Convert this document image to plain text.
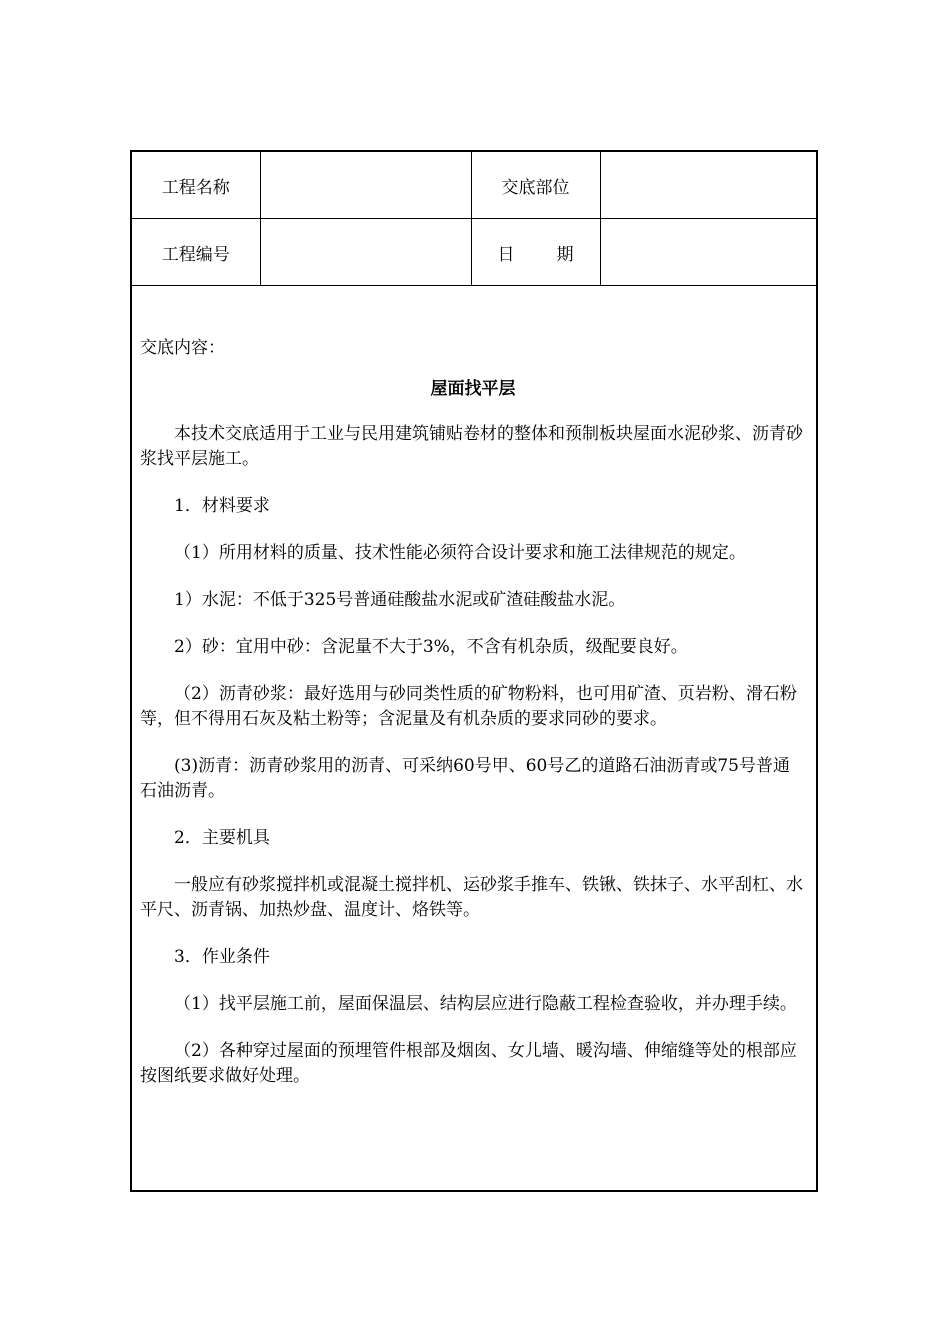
工程名称		交底部位	
工程编号		日 期	

交底内容：

屋面找平层

本技术交底适用于工业与民用建筑铺贴卷材的整体和预制板块屋面水泥砂浆、沥青砂浆找平层施工。

1．材料要求

（1）所用材料的质量、技术性能必须符合设计要求和施工法律规范的规定。

1）水泥：不低于325号普通硅酸盐水泥或矿渣硅酸盐水泥。

2）砂：宜用中砂：含泥量不大于3%，不含有机杂质，级配要良好。

（2）沥青砂浆：最好选用与砂同类性质的矿物粉料，也可用矿渣、页岩粉、滑石粉等，但不得用石灰及粘土粉等；含泥量及有机杂质的要求同砂的要求。

(3)沥青：沥青砂浆用的沥青、可采纳60号甲、60号乙的道路石油沥青或75号普通石油沥青。

2．主要机具

一般应有砂浆搅拌机或混凝土搅拌机、运砂浆手推车、铁锹、铁抹子、水平刮杠、水平尺、沥青锅、加热炒盘、温度计、烙铁等。

3．作业条件

（1）找平层施工前，屋面保温层、结构层应进行隐蔽工程检查验收，并办理手续。

（2）各种穿过屋面的预埋管件根部及烟囱、女儿墙、暖沟墙、伸缩缝等处的根部应按图纸要求做好处理。
